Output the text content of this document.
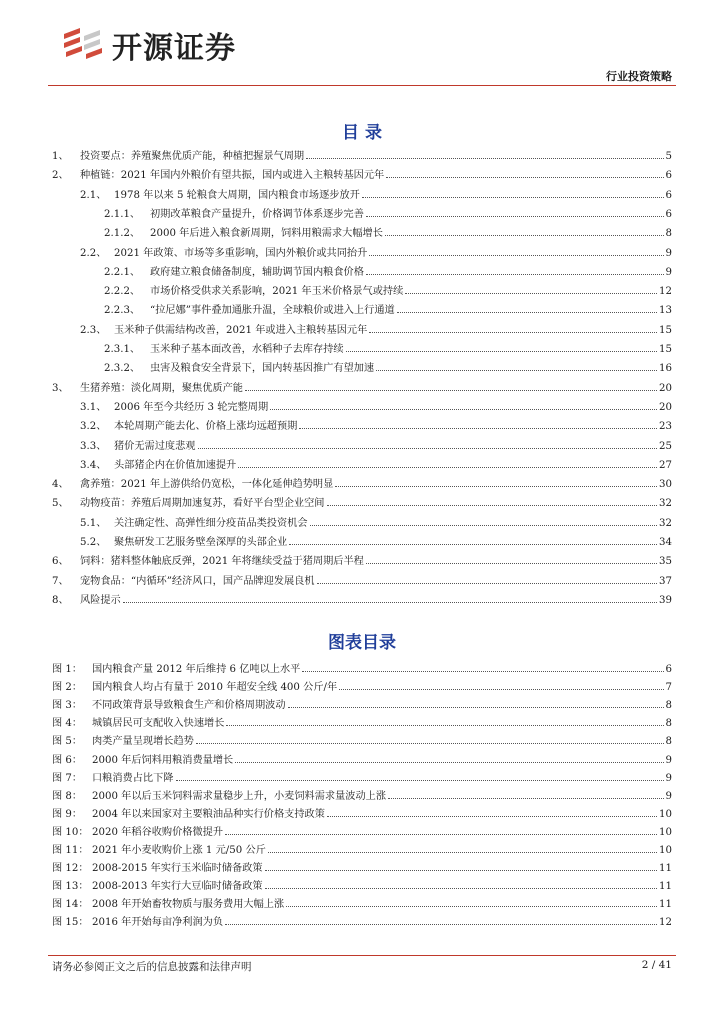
开源证券
行业投资策略
目 录
1、	投资要点：养殖聚焦优质产能，种植把握景气周期	5
2、	种植链：2021 年国内外粮价有望共振，国内或进入主粮转基因元年	6
2.1、 1978 年以来 5 轮粮食大周期，国内粮食市场逐步放开	6
2.1.1、 初期改革粮食产量提升，价格调节体系逐步完善	6
2.1.2、 2000 年后进入粮食新周期，饲料用粮需求大幅增长	8
2.2、 2021 年政策、市场等多重影响，国内外粮价或共同抬升	9
2.2.1、 政府建立粮食储备制度，辅助调节国内粮食价格	9
2.2.2、 市场价格受供求关系影响，2021 年玉米价格景气或持续	12
2.2.3、 “拉尼娜”事件叠加通胀升温，全球粮价或进入上行通道	13
2.3、 玉米种子供需结构改善，2021 年或进入主粮转基因元年	15
2.3.1、 玉米种子基本面改善，水稻种子去库存持续	15
2.3.2、 虫害及粮食安全背景下，国内转基因推广有望加速	16
3、	生猪养殖：淡化周期，聚焦优质产能	20
3.1、 2006 年至今共经历 3 轮完整周期	20
3.2、 本轮周期产能去化、价格上涨均远超预期	23
3.3、 猪价无需过度悲观	25
3.4、 头部猪企内在价值加速提升	27
4、	禽养殖：2021 年上游供给仍宽松，一体化延伸趋势明显	30
5、	动物疫苗：养殖后周期加速复苏，看好平台型企业空间	32
5.1、 关注确定性、高弹性细分疫苗品类投资机会	32
5.2、 聚焦研发工艺服务壁垒深厚的头部企业	34
6、	饲料：猪料整体触底反弹，2021 年将继续受益于猪周期后半程	35
7、	宠物食品：“内循环”经济风口，国产品牌迎发展良机	37
8、	风险提示	39
图表目录
图 1： 国内粮食产量 2012 年后维持 6 亿吨以上水平	6
图 2： 国内粮食人均占有量于 2010 年超安全线 400 公斤/年	7
图 3： 不同政策背景导致粮食生产和价格周期波动	8
图 4： 城镇居民可支配收入快速增长	8
图 5： 肉类产量呈现增长趋势	8
图 6： 2000 年后饲料用粮消费量增长	9
图 7： 口粮消费占比下降	9
图 8： 2000 年以后玉米饲料需求量稳步上升，小麦饲料需求量波动上涨	9
图 9： 2004 年以来国家对主要粮油品种实行价格支持政策	10
图 10： 2020 年稻谷收购价格微提升	10
图 11： 2021 年小麦收购价上涨 1 元/50 公斤	10
图 12： 2008-2015 年实行玉米临时储备政策	11
图 13： 2008-2013 年实行大豆临时储备政策	11
图 14： 2008 年开始畜牧物质与服务费用大幅上涨	11
图 15： 2016 年开始每亩净利润为负	12
请务必参阅正文之后的信息披露和法律声明	2 / 41
